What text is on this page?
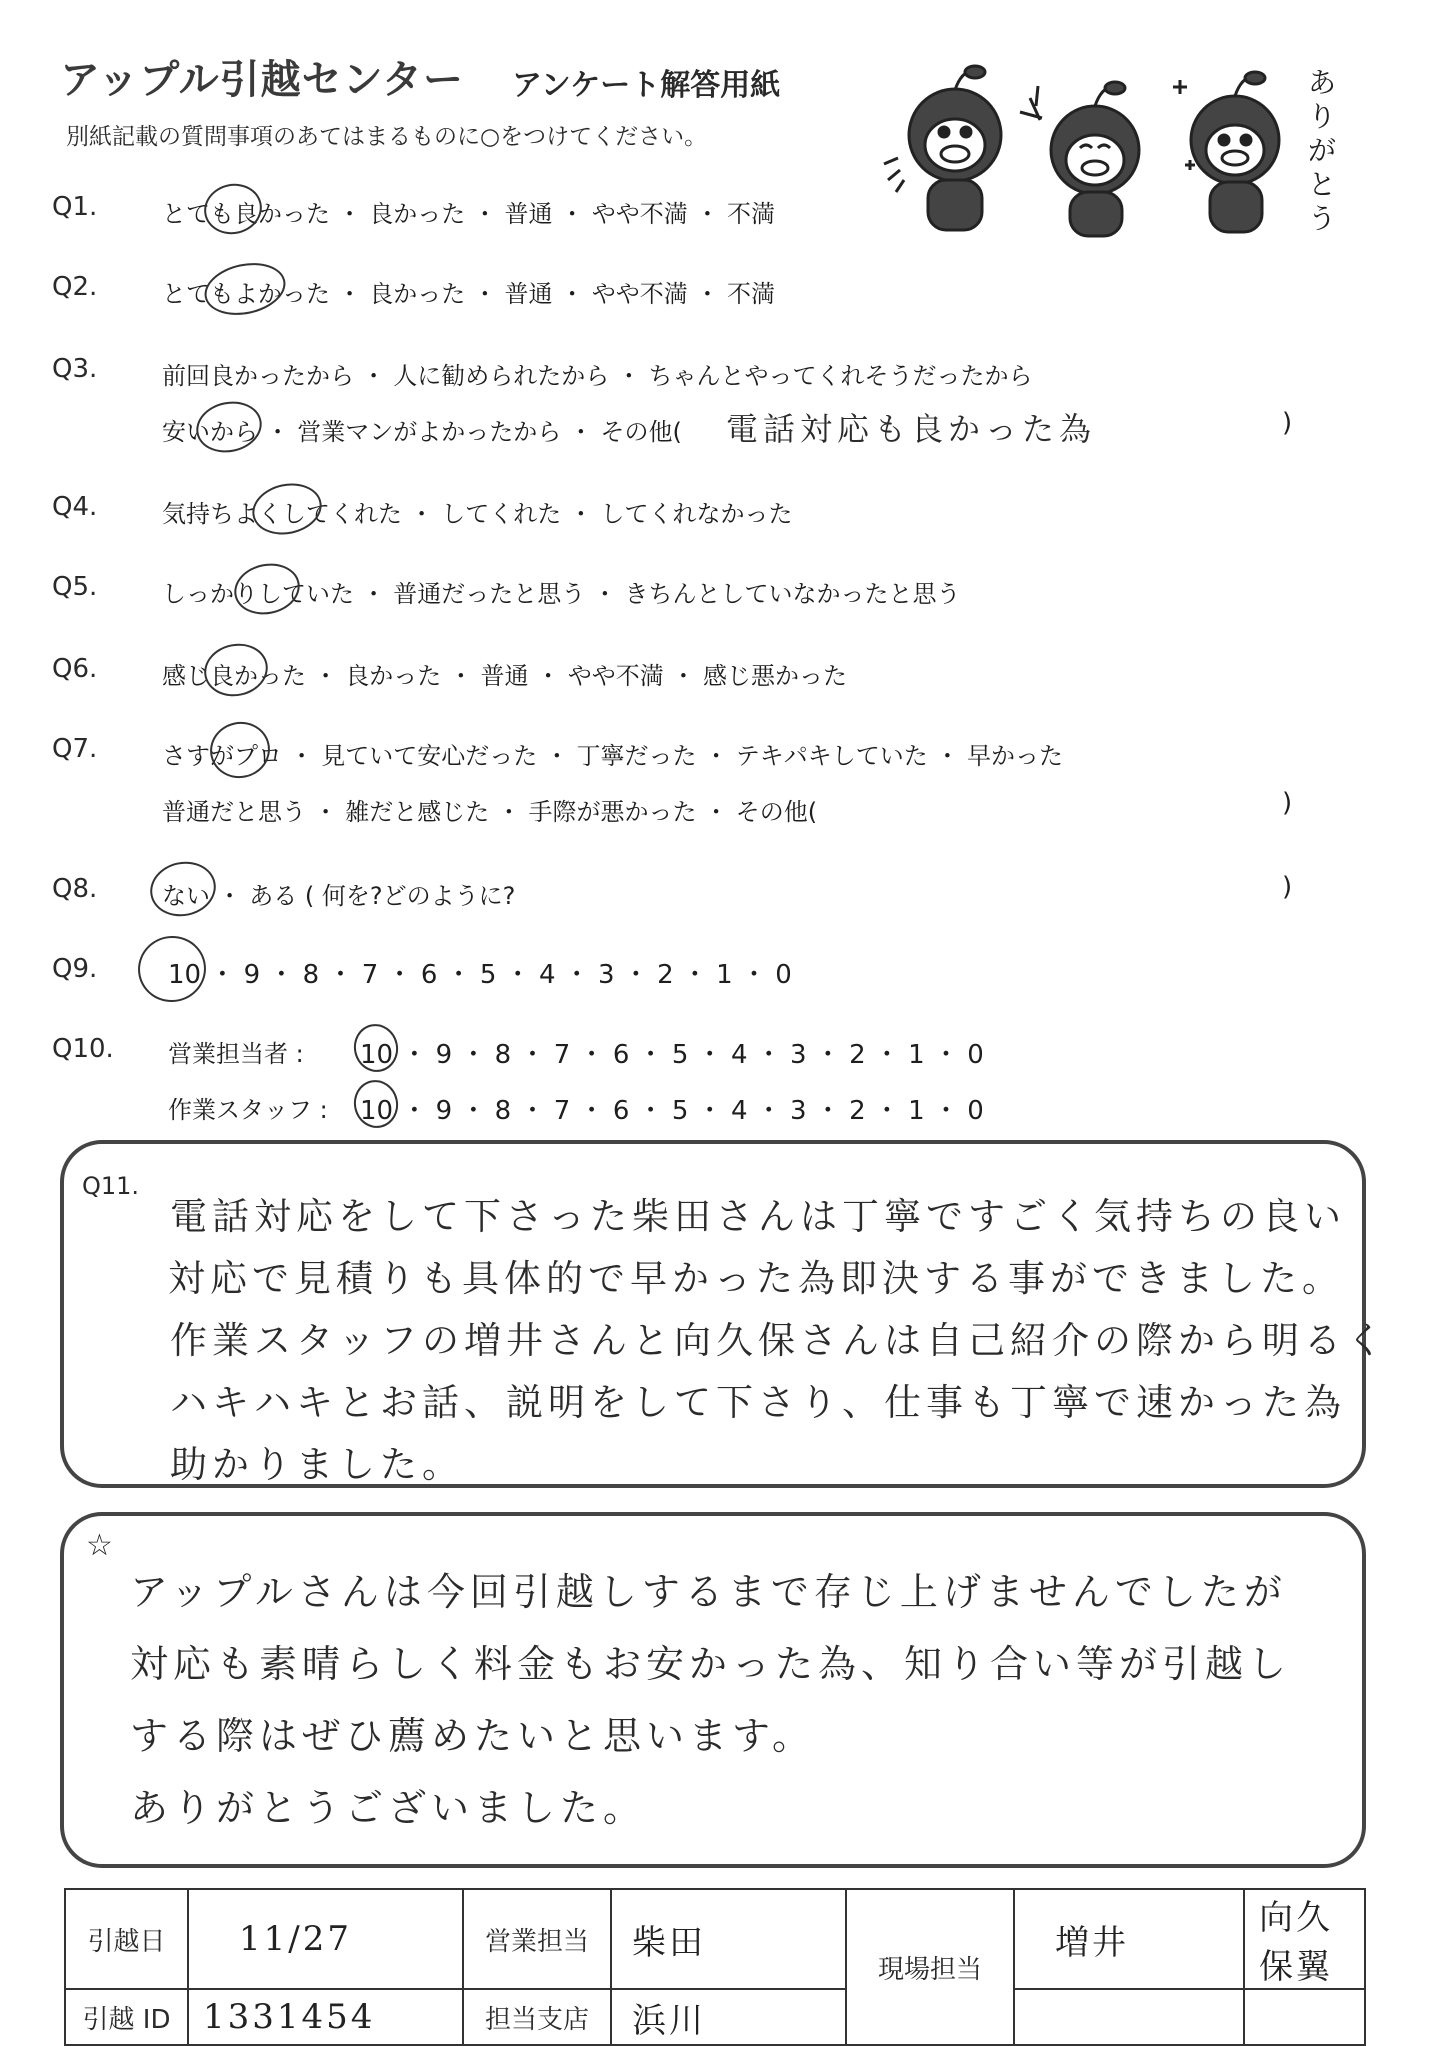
アップル引越センター アンケート解答用紙
別紙記載の質問事項のあてはまるものに○をつけてください。
ありがとう
Q1.	とても良かった ・ 良かった ・ 普通 ・ やや不満 ・ 不満
Q2.	とてもよかった ・ 良かった ・ 普通 ・ やや不満 ・ 不満
Q3.	前回良かったから ・ 人に勧められたから ・ ちゃんとやってくれそうだったから
安いから ・ 営業マンがよかったから ・ その他( 電話対応も良かった為	)
Q4.	気持ちよくしてくれた ・ してくれた ・ してくれなかった
Q5.	しっかりしていた ・ 普通だったと思う ・ きちんとしていなかったと思う
Q6.	感じ良かった ・ 良かった ・ 普通 ・ やや不満 ・ 感じ悪かった
Q7.	さすがプロ ・ 見ていて安心だった ・ 丁寧だった ・ テキパキしていた ・ 早かった
普通だと思う ・ 雑だと感じた ・ 手際が悪かった ・ その他(	)
Q8.	ない ・ ある ( 何を?どのように?	)
Q9.	10 ・ 9 ・ 8 ・ 7 ・ 6 ・ 5 ・ 4 ・ 3 ・ 2 ・ 1 ・ 0
Q10. 営業担当者 : 10 ・ 9 ・ 8 ・ 7 ・ 6 ・ 5 ・ 4 ・ 3 ・ 2 ・ 1 ・ 0
作業スタッフ : 10 ・ 9 ・ 8 ・ 7 ・ 6 ・ 5 ・ 4 ・ 3 ・ 2 ・ 1 ・ 0
Q11.
電話対応をして下さった柴田さんは丁寧ですごく気持ちの良い
対応で見積りも具体的で早かった為即決する事ができました。
作業スタッフの増井さんと向久保さんは自己紹介の際から明るく
ハキハキとお話、説明をして下さり、仕事も丁寧で速かった為
助かりました。
☆
アップルさんは今回引越しするまで存じ上げませんでしたが
対応も素晴らしく料金もお安かった為、知り合い等が引越し
する際はぜひ薦めたいと思います。
ありがとうございました。
引越日	11/27	営業担当	柴田	現場担当	増井	向久保翼
引越 ID	1331454	担当支店	浜川			
